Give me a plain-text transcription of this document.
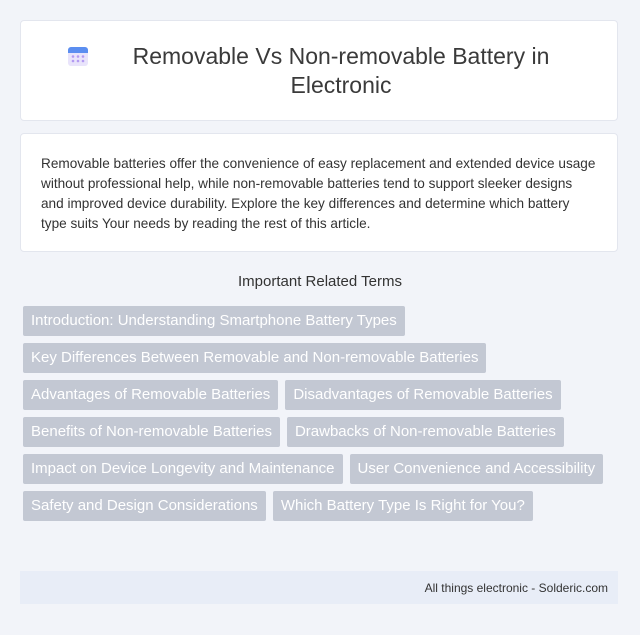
Removable Vs Non-removable Battery in Electronic

Removable batteries offer the convenience of easy replacement and extended device usage without professional help, while non-removable batteries tend to support sleeker designs and improved device durability. Explore the key differences and determine which battery type suits Your needs by reading the rest of this article.

Important Related Terms
Introduction: Understanding Smartphone Battery Types
Key Differences Between Removable and Non-removable Batteries
Advantages of Removable Batteries	Disadvantages of Removable Batteries
Benefits of Non-removable Batteries	Drawbacks of Non-removable Batteries
Impact on Device Longevity and Maintenance	User Convenience and Accessibility
Safety and Design Considerations	Which Battery Type Is Right for You?
All things electronic - Solderic.com
